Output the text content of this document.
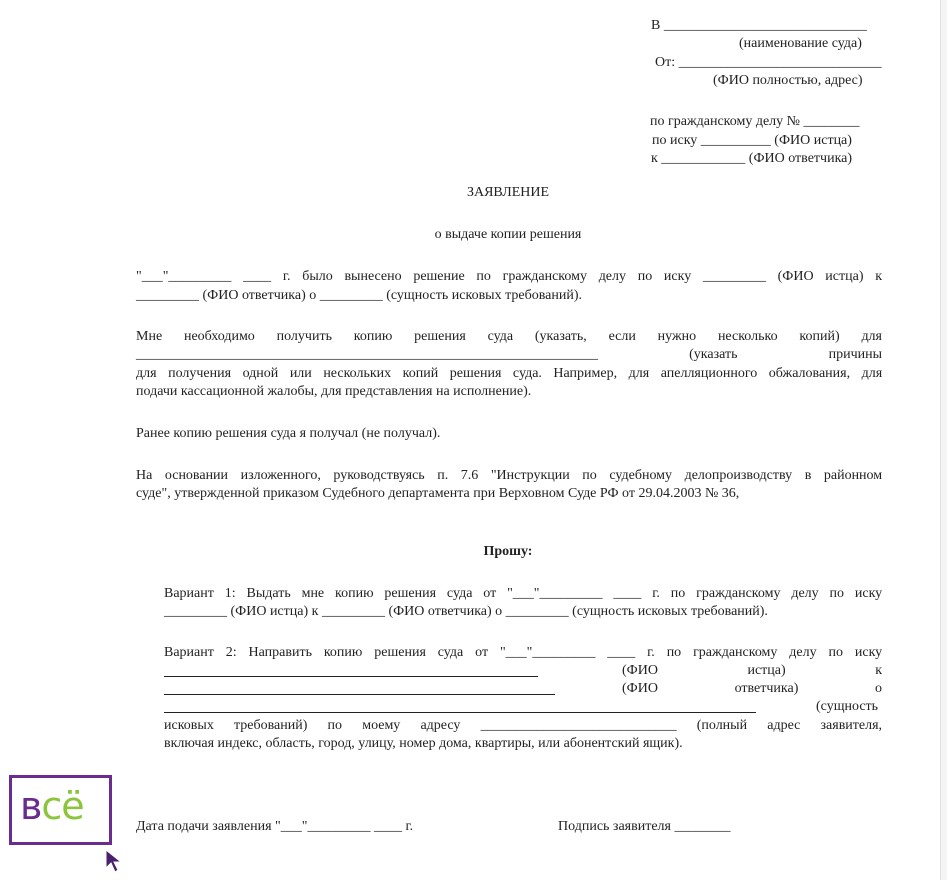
В _____________________________
(наименование суда)
От: _____________________________
(ФИО полностью, адрес)
по гражданскому делу № ________
по иску __________ (ФИО истца)
к ____________ (ФИО ответчика)
ЗАЯВЛЕНИЕ
о выдаче копии решения
"___"_________ ____ г. было вынесено решение по гражданскому делу по иску _________ (ФИО истца) к
_________ (ФИО ответчика) о _________ (сущность исковых требований).
Мне необходимо получить копию решения суда (указать, если нужно несколько копий) для
__________________________________________________________________	(указать	причины
для получения одной или нескольких копий решения суда. Например, для апелляционного обжалования, для
подачи кассационной жалобы, для представления на исполнение).
Ранее копию решения суда я получал (не получал).
На основании изложенного, руководствуясь п. 7.6 "Инструкции по судебному делопроизводству в районном
суде", утвержденной приказом Судебного департамента при Верховном Суде РФ от 29.04.2003 № 36,
Прошу:
Вариант 1: Выдать мне копию решения суда от "___"_________ ____ г. по гражданскому делу по иску
_________ (ФИО истца) к _________ (ФИО ответчика) о _________ (сущность исковых требований).
Вариант 2: Направить копию решения суда от "___"_________ ____ г. по гражданскому делу по иску
(ФИО	истца)	к
(ФИО	ответчика)	о
(сущность
исковых требований) по моему адресу ____________________________ (полный адрес заявителя,
включая индекс, область, город, улицу, номер дома, квартиры, или абонентский ящик).
Дата подачи заявления "___"_________ ____ г.	Подпись заявителя ________
всё
